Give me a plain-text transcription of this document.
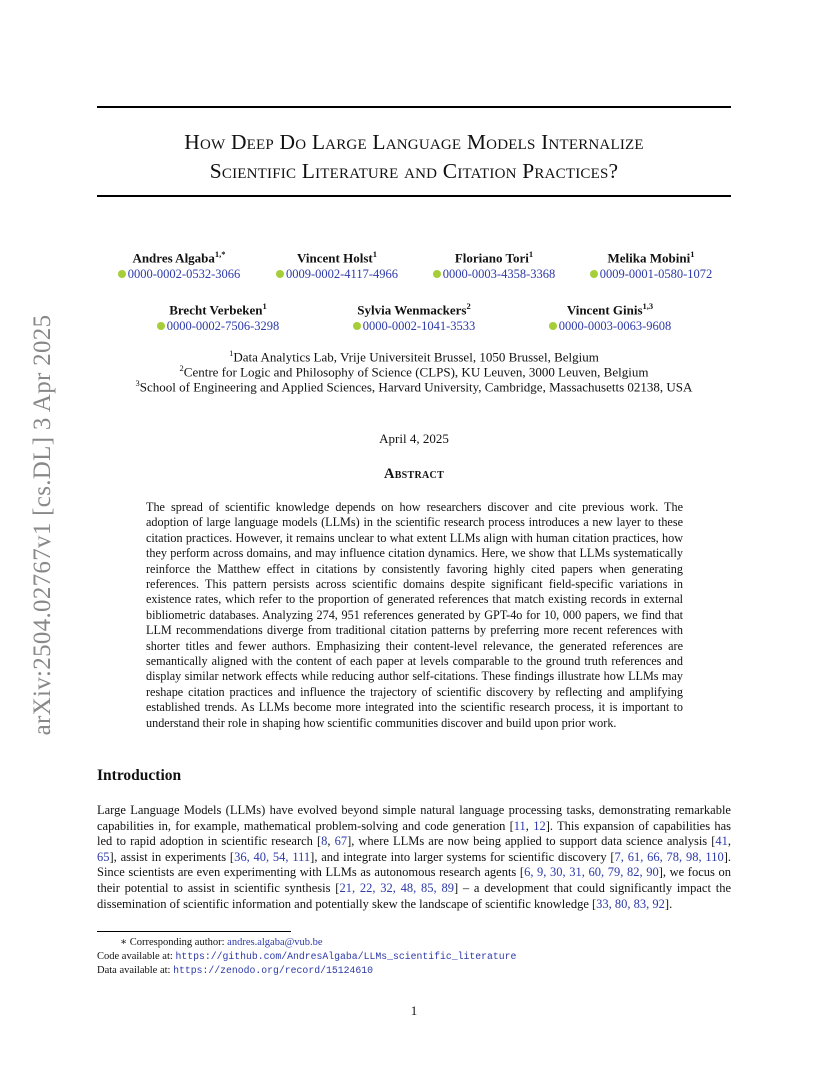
arXiv:2504.02767v1 [cs.DL] 3 Apr 2025
How Deep Do Large Language Models Internalize
Scientific Literature and Citation Practices?
Andres Algaba$^{1,*}$
0000-0002-0532-3066
Vincent Holst$^1$
0009-0002-4117-4966
Floriano Tori$^1$
0000-0003-4358-3368
Melika Mobini$^1$
0009-0001-0580-1072
Brecht Verbeken$^1$
0000-0002-7506-3298
Sylvia Wenmackers$^2$
0000-0002-1041-3533
Vincent Ginis$^{1,3}$
0000-0003-0063-9608
$^1$Data Analytics Lab, Vrije Universiteit Brussel, 1050 Brussel, Belgium
$^2$Centre for Logic and Philosophy of Science (CLPS), KU Leuven, 3000 Leuven, Belgium
$^3$School of Engineering and Applied Sciences, Harvard University, Cambridge, Massachusetts 02138, USA
April 4, 2025
Abstract
The spread of scientific knowledge depends on how researchers discover and cite previous work. The adoption of large language models (LLMs) in the scientific research process introduces a new layer to these citation practices. However, it remains unclear to what extent LLMs align with human citation practices, how they perform across domains, and may influence citation dynamics. Here, we show that LLMs systematically reinforce the Matthew effect in citations by consistently favoring highly cited papers when generating references. This pattern persists across scientific domains despite significant field-specific variations in existence rates, which refer to the proportion of generated references that match existing records in external bibliometric databases. Analyzing 274, 951 references generated by GPT-4o for 10, 000 papers, we find that LLM recommendations diverge from traditional citation patterns by preferring more recent references with shorter titles and fewer authors. Emphasizing their content-level relevance, the generated references are semantically aligned with the content of each paper at levels comparable to the ground truth references and display similar network effects while reducing author self-citations. These findings illustrate how LLMs may reshape citation practices and influence the trajectory of scientific discovery by reflecting and amplifying established trends. As LLMs become more integrated into the scientific research process, it is important to understand their role in shaping how scientific communities discover and build upon prior work.
Introduction
Large Language Models (LLMs) have evolved beyond simple natural language processing tasks, demonstrating remarkable capabilities in, for example, mathematical problem-solving and code generation [11, 12]. This expansion of capabilities has led to rapid adoption in scientific research [8, 67], where LLMs are now being applied to support data science analysis [41, 65], assist in experiments [36, 40, 54, 111], and integrate into larger systems for scientific discovery [7, 61, 66, 78, 98, 110]. Since scientists are even experimenting with LLMs as autonomous research agents [6, 9, 30, 31, 60, 79, 82, 90], we focus on their potential to assist in scientific synthesis [21, 22, 32, 48, 85, 89] – a development that could significantly impact the dissemination of scientific information and potentially skew the landscape of scientific knowledge [33, 80, 83, 92].
∗ Corresponding author: andres.algaba@vub.be
Code available at: https://github.com/AndresAlgaba/LLMs_scientific_literature
Data available at: https://zenodo.org/record/15124610
1
